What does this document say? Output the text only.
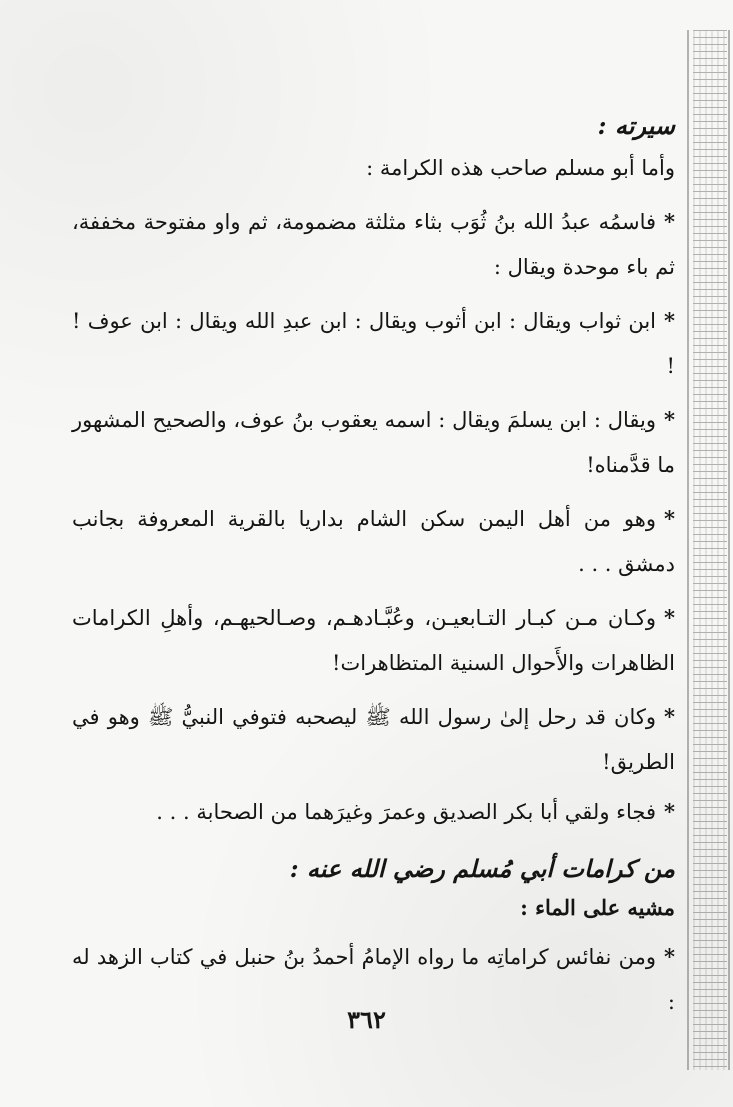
سيرته :
وأما أبو مسلم صاحب هذه الكرامة :
*فاسمُه عبدُ الله بنُ ثُوَب بثاء مثلثة مضمومة، ثم واو مفتوحة مخففة، ثم باء موحدة ويقال :
*ابن ثواب ويقال : ابن أثوب ويقال : ابن عبدِ الله ويقال : ابن عوف ! !
*ويقال : ابن يسلمَ ويقال : اسمه يعقوب بنُ عوف، والصحيح المشهور ما قدَّمناه!
*وهو من أهل اليمن سكن الشام بداريا بالقرية المعروفة بجانب دمشق . . .
*وكـان مـن كبـار التـابعيـن، وعُبَّـادهـم، وصـالحيهـم، وأهلِ الكرامات الظاهرات والأَحوال السنية المتظاهرات!
*وكان قد رحل إلىٰ رسول الله ﷺ ليصحبه فتوفي النبيُّ ﷺ وهو في الطريق!
*فجاء ولقي أبا بكر الصديق وعمرَ وغيرَهما من الصحابة . . .
من كرامات أبي مُسلم رضي الله عنه :
مشيه على الماء :
*ومن نفائس كراماتِه ما رواه الإمامُ أحمدُ بنُ حنبل في كتاب الزهد له :
٣٦٢
